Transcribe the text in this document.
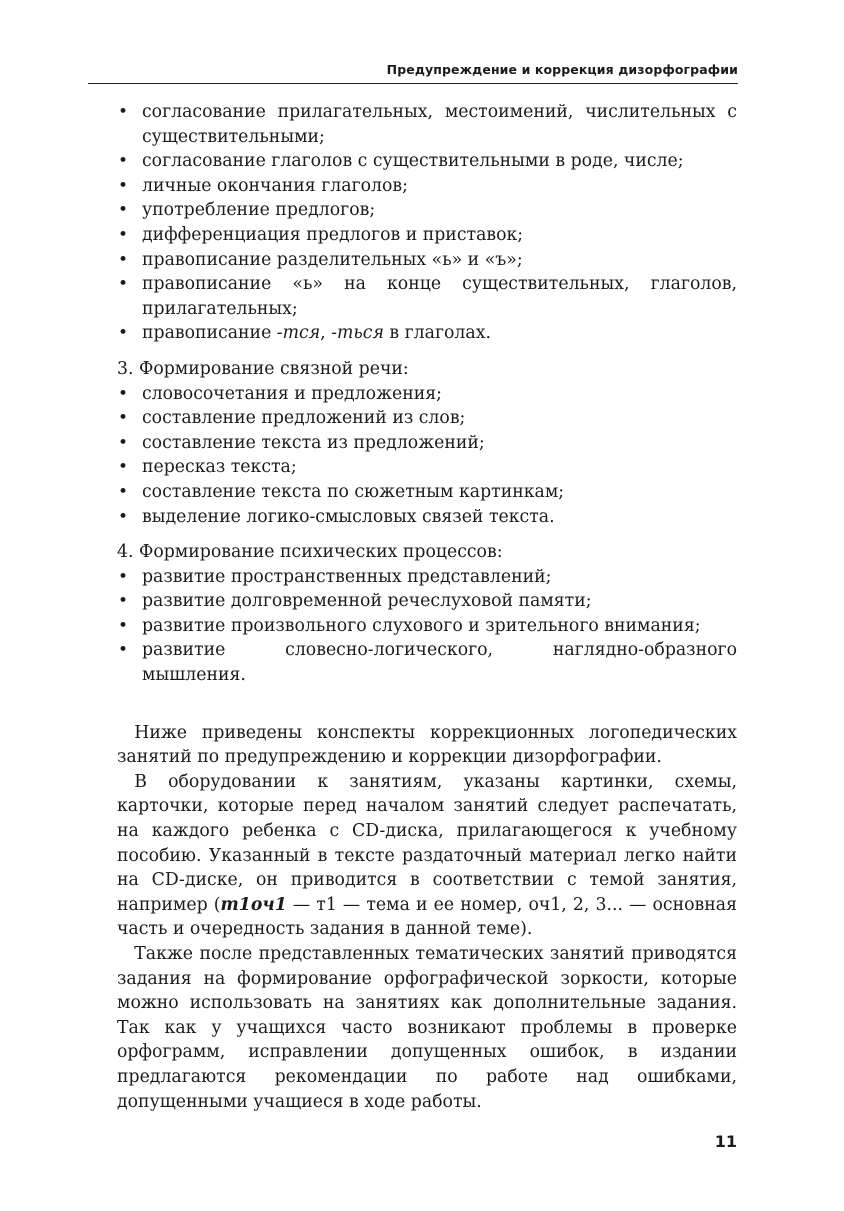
Предупреждение и коррекция дизорфографии
• согласование прилагательных, местоимений, числительных с существительными;
• согласование глаголов с существительными в роде, числе;
• личные окончания глаголов;
• употребление предлогов;
• дифференциация предлогов и приставок;
• правописание разделительных «ь» и «ъ»;
• правописание «ь» на конце существительных, глаголов, прилагательных;
• правописание -тся, -ться в глаголах.
3. Формирование связной речи:
• словосочетания и предложения;
• составление предложений из слов;
• составление текста из предложений;
• пересказ текста;
• составление текста по сюжетным картинкам;
• выделение логико-смысловых связей текста.
4. Формирование психических процессов:
• развитие пространственных представлений;
• развитие долговременной речеслуховой памяти;
• развитие произвольного слухового и зрительного внимания;
• развитие словесно-логического, наглядно-образного мышления.

 Ниже приведены конспекты коррекционных логопедических занятий по предупреждению и коррекции дизорфографии.

 В оборудовании к занятиям, указаны картинки, схемы, карточки, которые перед началом занятий следует распечатать, на каждого ребенка с CD-диска, прилагающегося к учебному пособию. Указанный в тексте раздаточный материал легко найти на CD-диске, он приводится в соответствии с темой занятия, например (т1оч1 — т1 — тема и ее номер, оч1, 2, 3... — основная часть и очередность задания в данной теме).

 Также после представленных тематических занятий приводятся задания на формирование орфографической зоркости, которые можно использовать на занятиях как дополнительные задания. Так как у учащихся часто возникают проблемы в проверке орфограмм, исправлении допущенных ошибок, в издании предлагаются рекомендации по работе над ошибками, допущенными учащиеся в ходе работы.

11
